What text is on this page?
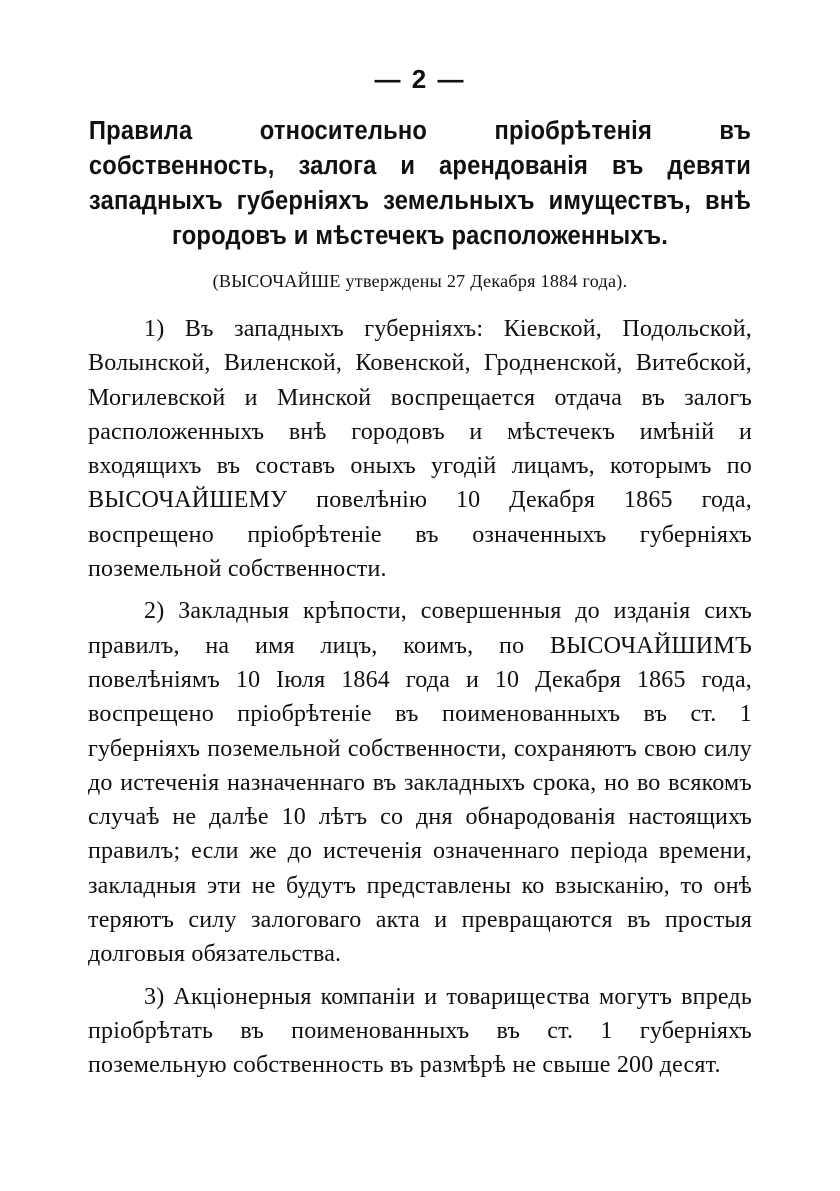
— 2 —
Правила относительно пріобрѣтенія въ собственность, залога и арендованія въ девяти западныхъ губерніяхъ земельныхъ имуществъ, внѣ городовъ и мѣстечекъ расположенныхъ.
(ВЫСОЧАЙШЕ утверждены 27 Декабря 1884 года).

1) Въ западныхъ губерніяхъ: Кіевской, Подольской, Волынской, Виленской, Ковенской, Гродненской, Витебской, Могилевской и Минской воспрещается отдача въ залогъ расположенныхъ внѣ городовъ и мѣстечекъ имѣній и входящихъ въ составъ оныхъ угодій лицамъ, которымъ по ВЫСОЧАЙШЕМУ повелѣнію 10 Декабря 1865 года, воспрещено пріобрѣтеніе въ означенныхъ губерніяхъ поземельной собственности.

2) Закладныя крѣпости, совершенныя до изданія сихъ правилъ, на имя лицъ, коимъ, по ВЫСОЧАЙШИМЪ повелѣніямъ 10 Іюля 1864 года и 10 Декабря 1865 года, воспрещено пріобрѣтеніе въ поименованныхъ въ ст. 1 губерніяхъ поземельной собственности, сохраняютъ свою силу до истеченія назначеннаго въ закладныхъ срока, но во всякомъ случаѣ не далѣе 10 лѣтъ со дня обнародованія настоящихъ правилъ; если же до истеченія означеннаго періода времени, закладныя эти не будутъ представлены ко взысканію, то онѣ теряютъ силу залоговаго акта и превращаются въ простыя долговыя обязательства.

3) Акціонерныя компаніи и товарищества могутъ впредь пріобрѣтать въ поименованныхъ въ ст. 1 губерніяхъ поземельную собственность въ размѣрѣ не свыше 200 десят.
